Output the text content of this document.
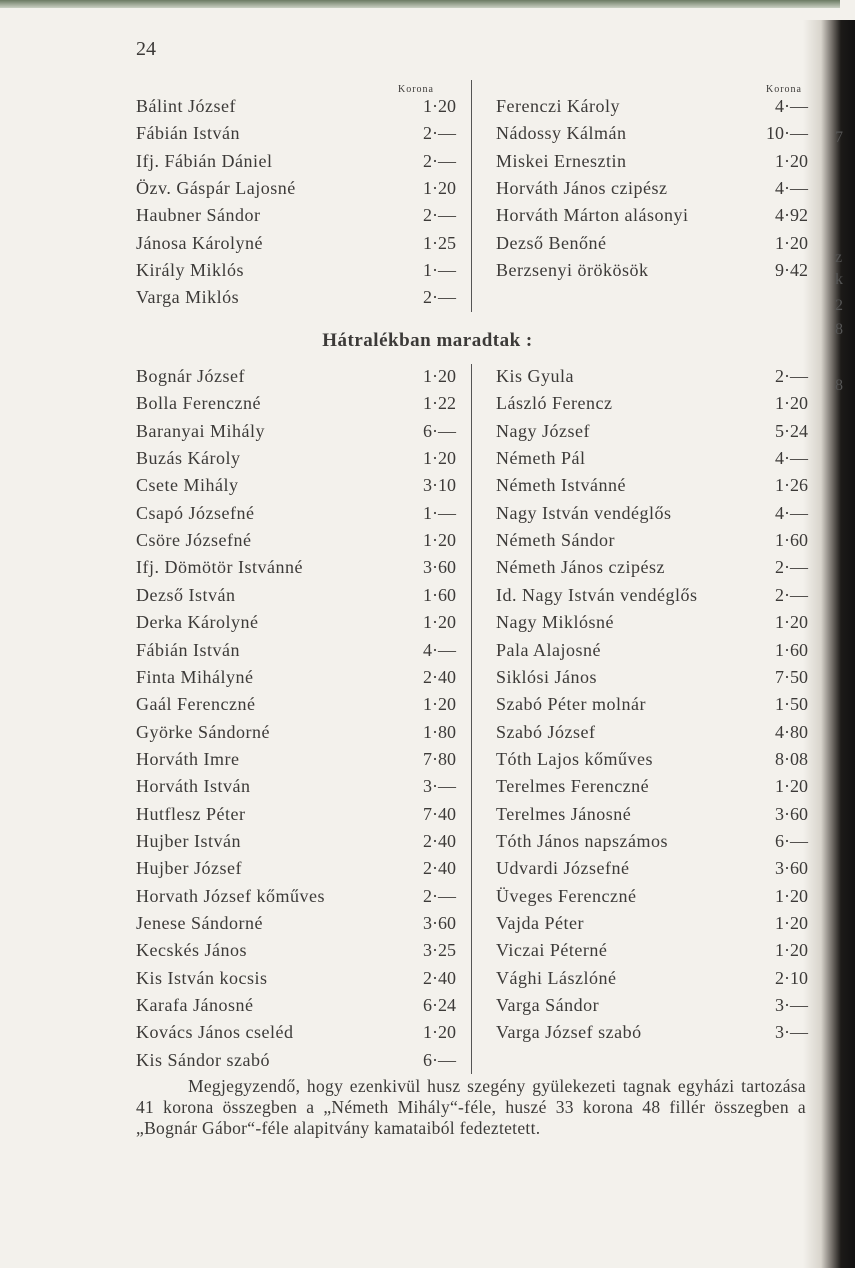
7
z
k
2
8
8
24
Korona	Korona
Bálint József	1·20
Fábián István	2·—
Ifj. Fábián Dániel	2·—
Özv. Gáspár Lajosné	1·20
Haubner Sándor	2·—
Jánosa Károlyné	1·25
Király Miklós	1·—
Varga Miklós	2·—
Ferenczi Károly	4·—
Nádossy Kálmán	10·—
Miskei Ernesztin	1·20
Horváth János czipész	4·—
Horváth Márton alásonyi	4·92
Dezső Benőné	1·20
Berzsenyi örökösök	9·42
Hátralékban maradtak :
Bognár József	1·20
Bolla Ferenczné	1·22
Baranyai Mihály	6·—
Buzás Károly	1·20
Csete Mihály	3·10
Csapó Józsefné	1·—
Csöre Józsefné	1·20
Ifj. Dömötör Istvánné	3·60
Dezső István	1·60
Derka Károlyné	1·20
Fábián István	4·—
Finta Mihályné	2·40
Gaál Ferenczné	1·20
Györke Sándorné	1·80
Horváth Imre	7·80
Horváth István	3·—
Hutflesz Péter	7·40
Hujber István	2·40
Hujber József	2·40
Horvath József kőműves	2·—
Jenese Sándorné	3·60
Kecskés János	3·25
Kis István kocsis	2·40
Karafa Jánosné	6·24
Kovács János cseléd	1·20
Kis Sándor szabó	6·—
Kis Gyula	2·—
László Ferencz	1·20
Nagy József	5·24
Németh Pál	4·—
Németh Istvánné	1·26
Nagy István vendéglős	4·—
Németh Sándor	1·60
Németh János czipész	2·—
Id. Nagy István vendéglős	2·—
Nagy Miklósné	1·20
Pala Alajosné	1·60
Siklósi János	7·50
Szabó Péter molnár	1·50
Szabó József	4·80
Tóth Lajos kőműves	8·08
Terelmes Ferenczné	1·20
Terelmes Jánosné	3·60
Tóth János napszámos	6·—
Udvardi Józsefné	3·60
Üveges Ferenczné	1·20
Vajda Péter	1·20
Viczai Péterné	1·20
Vághi Lászlóné	2·10
Varga Sándor	3·—
Varga József szabó	3·—
Megjegyzendő, hogy ezenkivül husz szegény gyülekezeti tagnak egyházi tartozása 41 korona összegben a „Németh Mihály“-féle, huszé 33 korona 48 fillér összegben a „Bognár Gábor“-féle alapitvány kamataiból fedeztetett.
